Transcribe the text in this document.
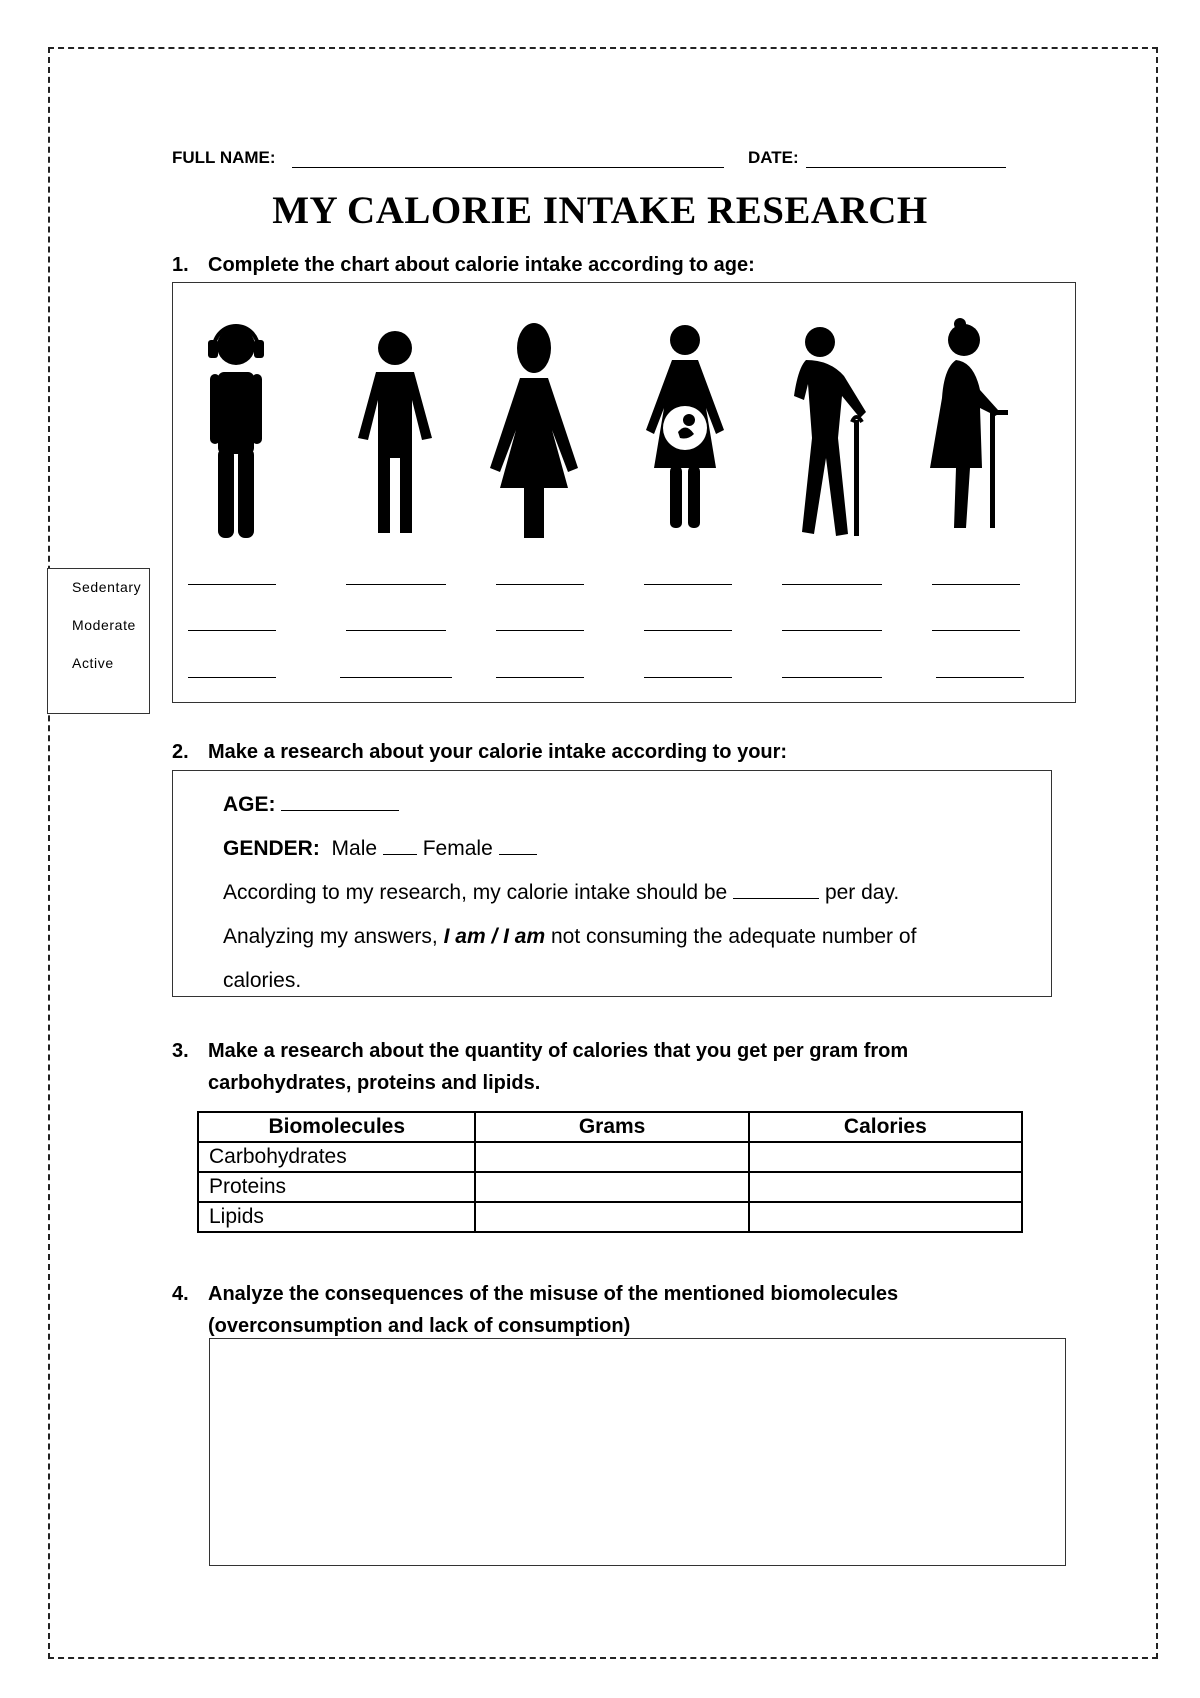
FULL NAME:	DATE:
MY CALORIE INTAKE RESEARCH
1. Complete the chart about calorie intake according to age:
Sedentary
Moderate
Active
2. Make a research about your calorie intake according to your:
AGE:
GENDER: Male Female
According to my research, my calorie intake should be	per day.
Analyzing my answers, I am / I am not consuming the adequate number of
calories.
3. Make a research about the quantity of calories that you get per gram from
carbohydrates, proteins and lipids.
Biomolecules	Grams	Calories
Carbohydrates		
Proteins		
Lipids		
4. Analyze the consequences of the misuse of the mentioned biomolecules
(overconsumption and lack of consumption)
